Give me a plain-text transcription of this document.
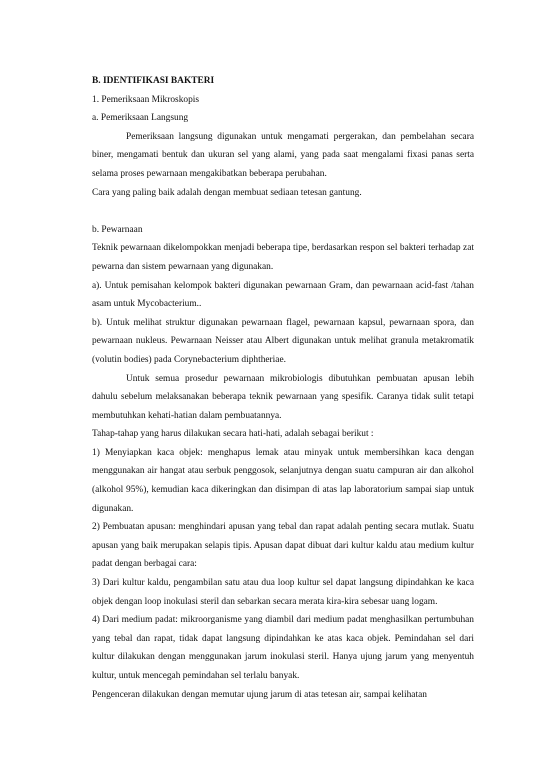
B. IDENTIFIKASI BAKTERI

1. Pemeriksaan Mikroskopis

a. Pemeriksaan Langsung

Pemeriksaan langsung digunakan untuk mengamati pergerakan, dan pembelahan secara biner, mengamati bentuk dan ukuran sel yang alami, yang pada saat mengalami fixasi panas serta selama proses pewarnaan mengakibatkan beberapa perubahan.

Cara yang paling baik adalah dengan membuat sediaan tetesan gantung.

b. Pewarnaan

Teknik pewarnaan dikelompokkan menjadi beberapa tipe, berdasarkan respon sel bakteri terhadap zat pewarna dan sistem pewarnaan yang digunakan.

a). Untuk pemisahan kelompok bakteri digunakan pewarnaan Gram, dan pewarnaan acid-fast /tahan asam untuk Mycobacterium..

b). Untuk melihat struktur digunakan pewarnaan flagel, pewarnaan kapsul, pewarnaan spora, dan pewarnaan nukleus. Pewarnaan Neisser atau Albert digunakan untuk melihat granula metakromatik (volutin bodies) pada Corynebacterium diphtheriae.

Untuk semua prosedur pewarnaan mikrobiologis dibutuhkan pembuatan apusan lebih dahulu sebelum melaksanakan beberapa teknik pewarnaan yang spesifik. Caranya tidak sulit tetapi membutuhkan kehati-hatian dalam pembuatannya.

Tahap-tahap yang harus dilakukan secara hati-hati, adalah sebagai berikut :

1) Menyiapkan kaca objek: menghapus lemak atau minyak untuk membersihkan kaca dengan menggunakan air hangat atau serbuk penggosok, selanjutnya dengan suatu campuran air dan alkohol (alkohol 95%), kemudian kaca dikeringkan dan disimpan di atas lap laboratorium sampai siap untuk digunakan.

2) Pembuatan apusan: menghindari apusan yang tebal dan rapat adalah penting secara mutlak. Suatu apusan yang baik merupakan selapis tipis. Apusan dapat dibuat dari kultur kaldu atau medium kultur padat dengan berbagai cara:

3) Dari kultur kaldu, pengambilan satu atau dua loop kultur sel dapat langsung dipindahkan ke kaca objek dengan loop inokulasi steril dan sebarkan secara merata kira-kira sebesar uang logam.

4) Dari medium padat: mikroorganisme yang diambil dari medium padat menghasilkan pertumbuhan yang tebal dan rapat, tidak dapat langsung dipindahkan ke atas kaca objek. Pemindahan sel dari kultur dilakukan dengan menggunakan jarum inokulasi steril. Hanya ujung jarum yang menyentuh kultur, untuk mencegah pemindahan sel terlalu banyak.

Pengenceran dilakukan dengan memutar ujung jarum di atas tetesan air, sampai kelihatan
